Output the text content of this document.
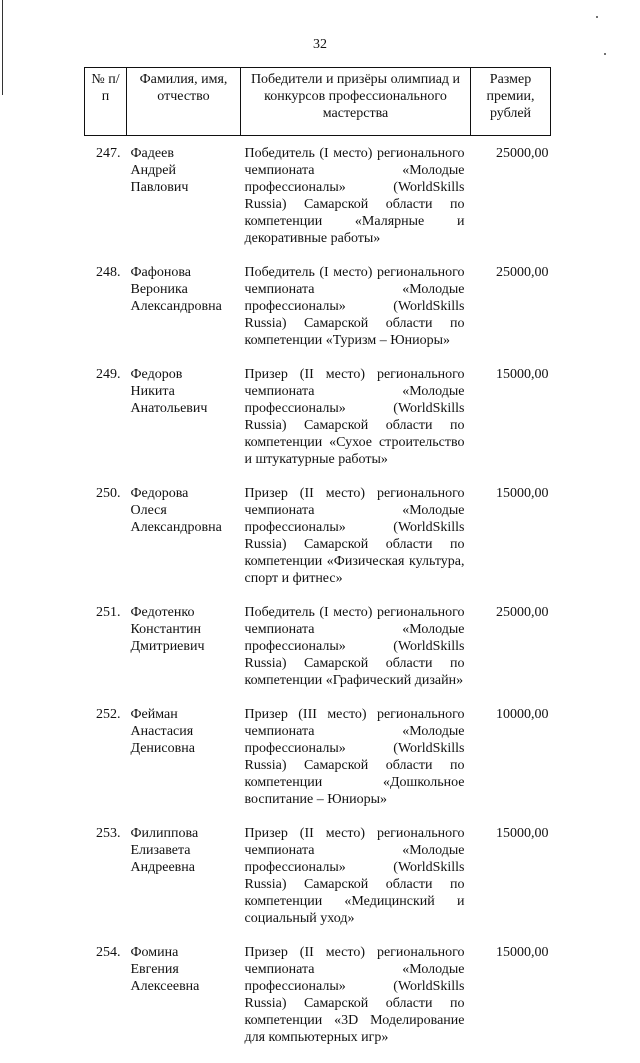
32
№ п/п	Фамилия, имя, отчество	Победители и призёры олимпиад и конкурсов профессионального мастерства	Размер премии, рублей
247.	Фадеев
Андрей
Павлович	Победитель (I место) регионального чемпионата «Молодые профессионалы» (WorldSkills Russia) Самарской области по компетенции «Малярные и декоративные работы»	25000,00
248.	Фафонова
Вероника
Александровна	Победитель (I место) регионального чемпионата «Молодые профессионалы» (WorldSkills Russia) Самарской области по компетенции «Туризм – Юниоры»	25000,00
249.	Федоров
Никита
Анатольевич	Призер (II место) регионального чемпионата «Молодые профессионалы» (WorldSkills Russia) Самарской области по компетенции «Сухое строительство и штукатурные работы»	15000,00
250.	Федорова
Олеся
Александровна	Призер (II место) регионального чемпионата «Молодые профессионалы» (WorldSkills Russia) Самарской области по компетенции «Физическая культура, спорт и фитнес»	15000,00
251.	Федотенко
Константин
Дмитриевич	Победитель (I место) регионального чемпионата «Молодые профессионалы» (WorldSkills Russia) Самарской области по компетенции «Графический дизайн»	25000,00
252.	Фейман
Анастасия
Денисовна	Призер (III место) регионального чемпионата «Молодые профессионалы» (WorldSkills Russia) Самарской области по компетенции «Дошкольное воспитание – Юниоры»	10000,00
253.	Филиппова
Елизавета
Андреевна	Призер (II место) регионального чемпионата «Молодые профессионалы» (WorldSkills Russia) Самарской области по компетенции «Медицинский и социальный уход»	15000,00
254.	Фомина
Евгения
Алексеевна	Призер (II место) регионального чемпионата «Молодые профессионалы» (WorldSkills Russia) Самарской области по компетенции «3D Моделирование для компьютерных игр»	15000,00
